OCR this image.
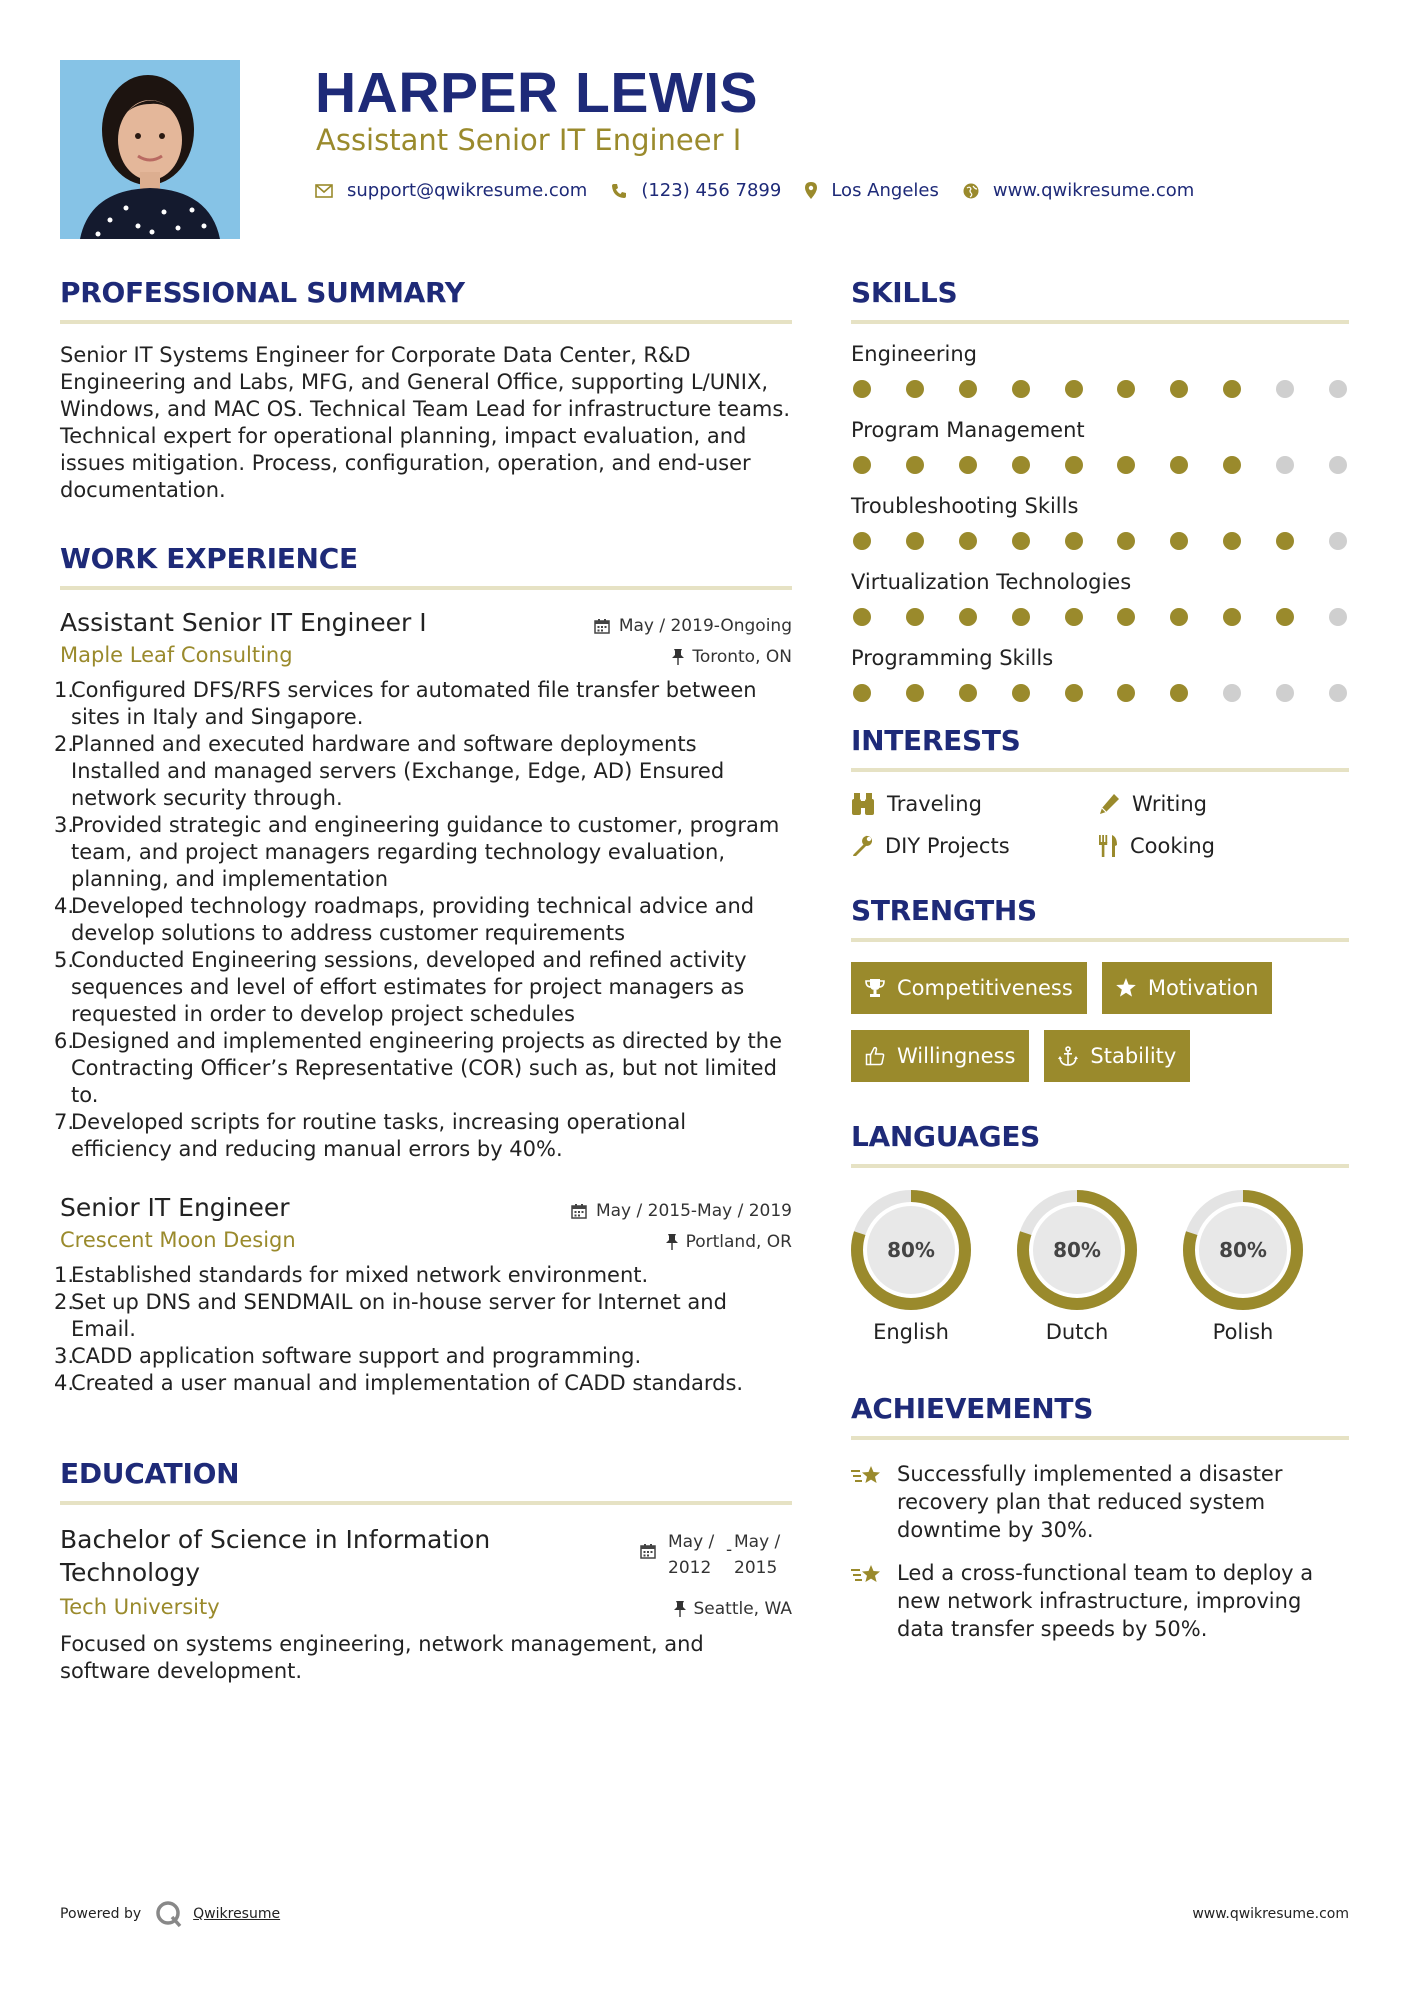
HARPER LEWIS
Assistant Senior IT Engineer I
support@qwikresume.com	(123) 456 7899	Los Angeles	www.qwikresume.com
PROFESSIONAL SUMMARY
Senior IT Systems Engineer for Corporate Data Center, R&D Engineering and Labs, MFG, and General Office, supporting L/UNIX, Windows, and MAC OS. Technical Team Lead for infrastructure teams. Technical expert for operational planning, impact evaluation, and issues mitigation. Process, configuration, operation, and end-user documentation.
WORK EXPERIENCE
Assistant Senior IT Engineer I	May / 2019-Ongoing
Maple Leaf Consulting	Toronto, ON
1.
Configured DFS/RFS services for automated file transfer between sites in Italy and Singapore.
2.
Planned and executed hardware and software deployments Installed and managed servers (Exchange, Edge, AD) Ensured network security through.
3.
Provided strategic and engineering guidance to customer, program team, and project managers regarding technology evaluation, planning, and implementation
4.
Developed technology roadmaps, providing technical advice and develop solutions to address customer requirements
5.
Conducted Engineering sessions, developed and refined activity sequences and level of effort estimates for project managers as requested in order to develop project schedules
6.
Designed and implemented engineering projects as directed by the Contracting Officer’s Representative (COR) such as, but not limited to.
7.
Developed scripts for routine tasks, increasing operational efficiency and reducing manual errors by 40%.
Senior IT Engineer	May / 2015-May / 2019
Crescent Moon Design	Portland, OR
1.
Established standards for mixed network environment.
2.
Set up DNS and SENDMAIL on in-house server for Internet and Email.
3.
CADD application software support and programming.
4.
Created a user manual and implementation of CADD standards.
EDUCATION
Bachelor of Science in Information Technology
May / 2012
- May / 2015
Tech University	Seattle, WA
Focused on systems engineering, network management, and software development.
SKILLS
Engineering
Program Management
Troubleshooting Skills
Virtualization Technologies
Programming Skills
INTERESTS
Traveling	Writing
DIY Projects	Cooking
STRENGTHS
Competitiveness	Motivation
Willingness	Stability
LANGUAGES
80%
English
80%
Dutch
80%
Polish
ACHIEVEMENTS
Successfully implemented a disaster recovery plan that reduced system downtime by 30%.
Led a cross-functional team to deploy a new network infrastructure, improving data transfer speeds by 50%.
Powered by	Qwikresume	www.qwikresume.com
